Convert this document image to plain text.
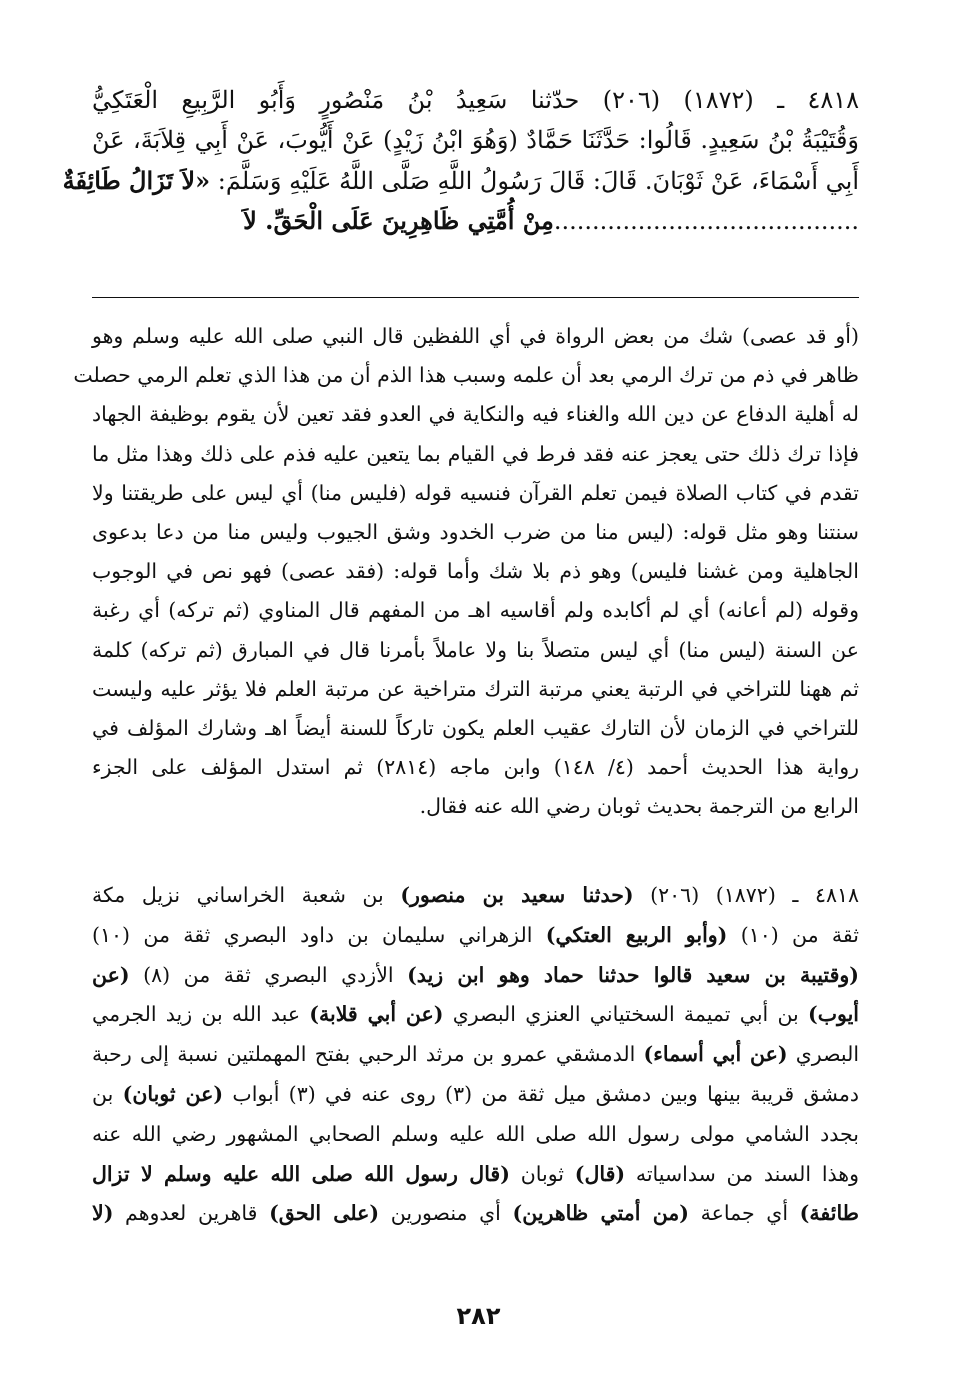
٤٨١٨ ـ (١٨٧٢) (٢٠٦) حدّثنا سَعِيدُ بْنُ مَنْصُورٍ وَأَبُو الرَّبِيعِ الْعَتَكِيُّ
وَقُتَيْبَةُ بْنُ سَعِيدٍ. قَالُوا: حَدَّثَنَا حَمَّادٌ (وَهُوَ ابْنُ زَيْدٍ) عَنْ أَيُّوبَ، عَنْ أَبِي قِلاَبَةَ، عَنْ
أَبِي أَسْمَاءَ، عَنْ ثَوْبَانَ. قَالَ: قَالَ رَسُولُ اللَّهِ صَلَّى اللَّهُ عَلَيْهِ وَسَلَّمَ: «لاَ تَزَالُ طَائِفَةٌ
........................................مِنْ أُمَّتِي ظَاهِرِينَ عَلَى الْحَقِّ. لاَ
(أو قد عصى) شك من بعض الرواة في أي اللفظين قال النبي صلى الله عليه وسلم وهو
ظاهر في ذم من ترك الرمي بعد أن علمه وسبب هذا الذم أن من هذا الذي تعلم الرمي حصلت
له أهلية الدفاع عن دين الله والغناء فيه والنكاية في العدو فقد تعين لأن يقوم بوظيفة الجهاد
فإذا ترك ذلك حتى يعجز عنه فقد فرط في القيام بما يتعين عليه فذم على ذلك وهذا مثل ما
تقدم في كتاب الصلاة فيمن تعلم القرآن فنسيه قوله (فليس منا) أي ليس على طريقتنا ولا
سنتنا وهو مثل قوله: (ليس منا من ضرب الخدود وشق الجيوب وليس منا من دعا بدعوى
الجاهلية ومن غشنا فليس) وهو ذم بلا شك وأما قوله: (فقد عصى) فهو نص في الوجوب
وقوله (لم أعانه) أي لم أكابده ولم أقاسيه اهـ من المفهم قال المناوي (ثم تركه) أي رغبة
عن السنة (ليس منا) أي ليس متصلاً بنا ولا عاملاً بأمرنا قال في المبارق (ثم تركه) كلمة
ثم ههنا للتراخي في الرتبة يعني مرتبة الترك متراخية عن مرتبة العلم فلا يؤثر عليه وليست
للتراخي في الزمان لأن التارك عقيب العلم يكون تاركاً للسنة أيضاً اهـ وشارك المؤلف في
رواية هذا الحديث أحمد (٤/ ١٤٨) وابن ماجه (٢٨١٤) ثم استدل المؤلف على الجزء
الرابع من الترجمة بحديث ثوبان رضي الله عنه فقال.
٤٨١٨ ـ (١٨٧٢) (٢٠٦) (حدثنا سعيد بن منصور) بن شعبة الخراساني نزيل مكة
ثقة من (١٠) (وأبو الربيع العتكي) الزهراني سليمان بن داود البصري ثقة من (١٠)
(وقتيبة بن سعيد قالوا حدثنا حماد وهو ابن زيد) الأزدي البصري ثقة من (٨) (عن
أيوب) بن أبي تميمة السختياني العنزي البصري (عن أبي قلابة) عبد الله بن زيد الجرمي
البصري (عن أبي أسماء) الدمشقي عمرو بن مرثد الرحبي بفتح المهملتين نسبة إلى رحبة
دمشق قريبة بينها وبين دمشق ميل ثقة من (٣) روى عنه في (٣) أبواب (عن ثوبان) بن
بجدد الشامي مولى رسول الله صلى الله عليه وسلم الصحابي المشهور رضي الله عنه
وهذا السند من سداسياته (قال) ثوبان (قال رسول الله صلى الله عليه وسلم لا تزال
طائفة) أي جماعة (من أمتي ظاهرين) أي منصورين (على الحق) قاهرين لعدوهم (لا
٢٨٢
